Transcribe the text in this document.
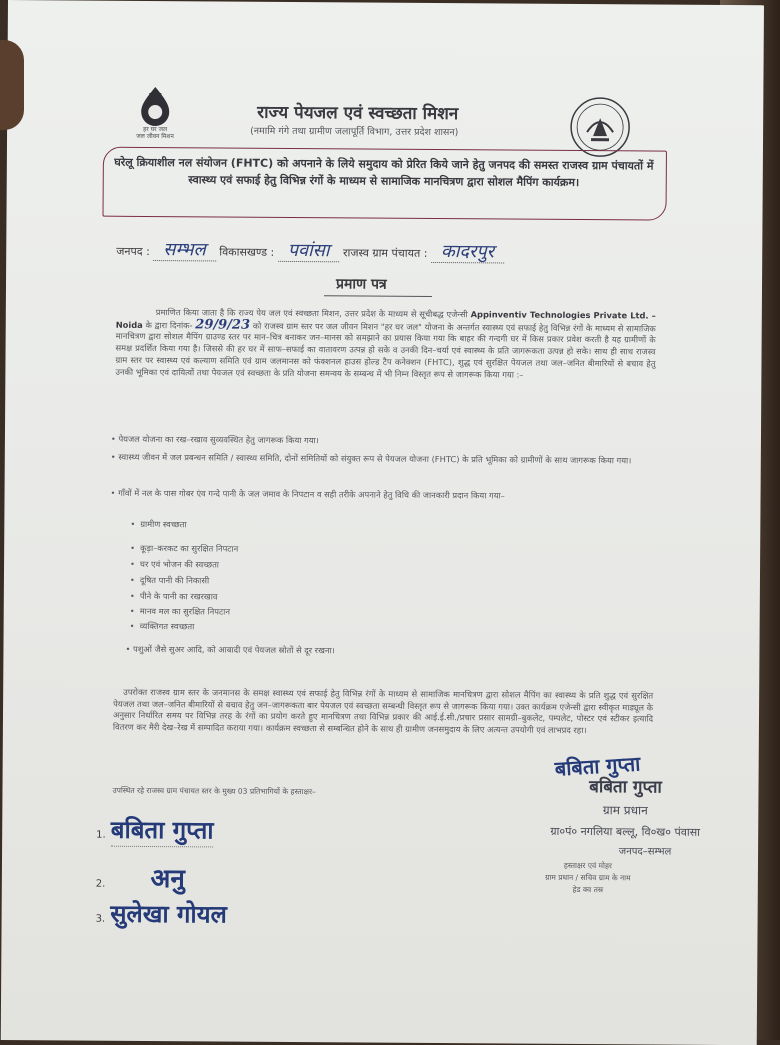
हर घर जल
जल जीवन मिशन
राज्य पेयजल एवं स्वच्छता मिशन
(नमामि गंगे तथा ग्रामीण जलापूर्ति विभाग, उत्तर प्रदेश शासन)
घरेलू क्रियाशील नल संयोजन (FHTC) को अपनाने के लिये समुदाय को प्रेरित किये जाने हेतु जनपद की समस्त राजस्व ग्राम पंचायतों में स्वास्थ्य एवं सफाई हेतु विभिन्न रंगों के माध्यम से सामाजिक मानचित्रण द्वारा सोशल मैपिंग कार्यक्रम।
जनपद : सम्भल विकासखण्ड : पवांसा राजस्व ग्राम पंचायत : कादरपुर
प्रमाण पत्र
प्रमाणित किया जाता है कि राज्य पेय जल एवं स्वच्छता मिशन, उत्तर प्रदेश के माध्यम से सूचीबद्ध एजेन्सी Appinventiv Technologies Private Ltd. – Noida के द्वारा दिनांक- 29/9/23 को राजस्व ग्राम स्तर पर जल जीवन मिशन "हर घर जल" योजना के अन्तर्गत स्वास्थ्य एवं सफाई हेतु विभिन्न रंगों के माध्यम से सामाजिक मानचित्रण द्वारा सोशल मैपिंग ग्राउण्ड स्तर पर मान–चित्र बनाकर जन–मानस को समझाने का प्रयास किया गया कि बाहर की गन्दगी घर में किस प्रकार प्रवेश करती है यह ग्रामीणों के समक्ष प्रदर्शित किया गया है। जिससे की हर घर में साफ–सफाई का वातावरण उत्पन्न हो सके व उनकी दिन–चर्या एवं स्वास्थ्य के प्रति जागरूकता उत्पन्न हो सके। साथ ही साथ राजस्व ग्राम स्तर पर स्वास्थ्य एवं कल्याण समिति एवं ग्राम जलमानस को फंक्शनल हाउस होल्ड टैप कनेक्शन (FHTC), शुद्ध एवं सुरक्षित पेयजल तथा जल–जनित बीमारियों से बचाव हेतु उनकी भूमिका एवं दायित्वों तथा पेयजल एवं स्वच्छता के प्रति योजना समन्वय के सम्बन्ध में भी निम्न विस्तृत रूप से जागरूक किया गया :–
• पेयजल योजना का रख–रखाव सुव्यवस्थित हेतु जागरूक किया गया।
• स्वास्थ्य जीवन में जल प्रबन्धन समिति / स्वास्थ्य समिति, दोनों समितियों को संयुक्त रूप से पेयजल योजना (FHTC) के प्रति भूमिका को ग्रामीणों के साथ जागरूक किया गया।
• गाँवों में नल के पास गोबर एंव गन्दे पानी के जल जमाव के निपटान व सही तरीके अपनाने हेतु विधि की जानकारी प्रदान किया गया–
• ग्रामीण स्वच्छता
• कूड़ा–करकट का सुरक्षित निपटान
• घर एवं भोजन की स्वच्छता
• दूषित पानी की निकासी
• पीने के पानी का रखरखाव
• मानव मल का सुरक्षित निपटान
• व्यक्तिगत स्वच्छता
• पशुओं जैसे सुअर आदि, को आबादी एवं पेयजल स्रोतों से दूर रखना।
उपरोक्त राजस्व ग्राम स्तर के जनमानस के समक्ष स्वास्थ्य एवं सफाई हेतु विभिन्न रंगों के माध्यम से सामाजिक मानचित्रण द्वारा सोशल मैपिंग का स्वास्थ्य के प्रति शुद्ध एवं सुरक्षित पेयजल तथा जल–जनित बीमारियों से बचाव हेतु जन–जागरूकता बार पेयजल एवं स्वच्छता सम्बन्धी विस्तृत रूप से जागरूक किया गया। उक्त कार्यक्रम एजेन्सी द्वारा स्वीकृत माड्यूल के अनुसार निर्धारित समय पर विभिन्न तरह के रंगों का प्रयोग करते हुए मानचित्रण तथा विभिन्न प्रकार की आई.ई.सी./प्रचार प्रसार सामग्री–बुकलेट, पम्पलेट, पोस्टर एवं स्टीकर इत्यादि वितरण कर मैरी देख–रेख में सम्पादित कराया गया। कार्यक्रम स्वच्छता से सम्बन्धित होने के साथ ही ग्रामीण जनसमुदाय के लिए अत्यन्त उपयोगी एवं लाभप्रद रहा।
उपस्थित रहे राजस्व ग्राम पंचायत स्तर के मुख्य 03 प्रतिभागियों के हस्ताक्षर–
1. बबिता गुप्ता
2. अनु
3. सुलेखा गोयल
बबिता गुप्ता
बबिता गुप्ता
ग्राम प्रधान
ग्रा०पं० नगलिया बल्लू, वि०ख० पंवासा
जनपद–सम्भल
हस्ताक्षर एवं मोहर
ग्राम प्रधान / सचिव ग्राम के नाम
हेड क्व तस्र
